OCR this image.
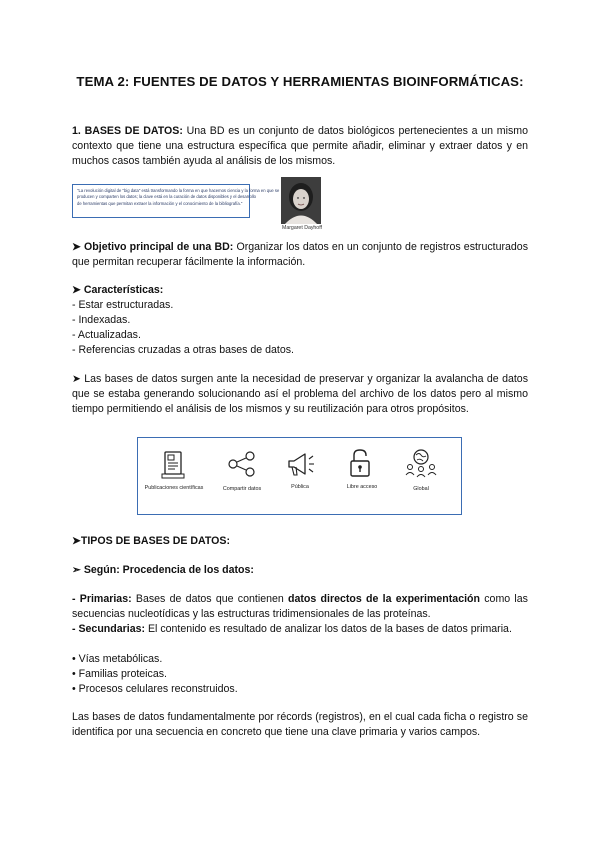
TEMA 2: FUENTES DE DATOS Y HERRAMIENTAS BIOINFORMÁTICAS:
1. BASES DE DATOS: Una BD es un conjunto de datos biológicos pertenecientes a un mismo contexto que tiene una estructura específica que permite añadir, eliminar y extraer datos y en muchos casos también ayuda al análisis de los mismos.
"La revolución digital de "big data" está transformando la forma en que hacemos ciencia y la forma en que se
producen y comparten los datos; la clave está en la curación de datos disponibles y el desarrollo
de herramientas que permitan extraer la información y el conocimiento de la bibliografía."
Margaret Dayhoff
➤ Objetivo principal de una BD: Organizar los datos en un conjunto de registros estructurados que permitan recuperar fácilmente la información.
➤ Características:
- Estar estructuradas.
- Indexadas.
- Actualizadas.
- Referencias cruzadas a otras bases de datos.
➤ Las bases de datos surgen ante la necesidad de preservar y organizar la avalancha de datos que se estaba generando solucionando así el problema del archivo de los datos pero al mismo tiempo permitiendo el análisis de los mismos y su reutilización para otros propósitos.
Publicaciones científicas	Compartir datos	Pública	Libre acceso	Global
➤TIPOS DE BASES DE DATOS:
➣ Según: Procedencia de los datos:
- Primarias: Bases de datos que contienen datos directos de la experimentación como las secuencias nucleotídicas y las estructuras tridimensionales de las proteínas.
- Secundarias: El contenido es resultado de analizar los datos de la bases de datos primaria.
• Vías metabólicas.
• Familias proteicas.
• Procesos celulares reconstruidos.
Las bases de datos fundamentalmente por récords (registros), en el cual cada ficha o registro se identifica por una secuencia en concreto que tiene una clave primaria y varios campos.
